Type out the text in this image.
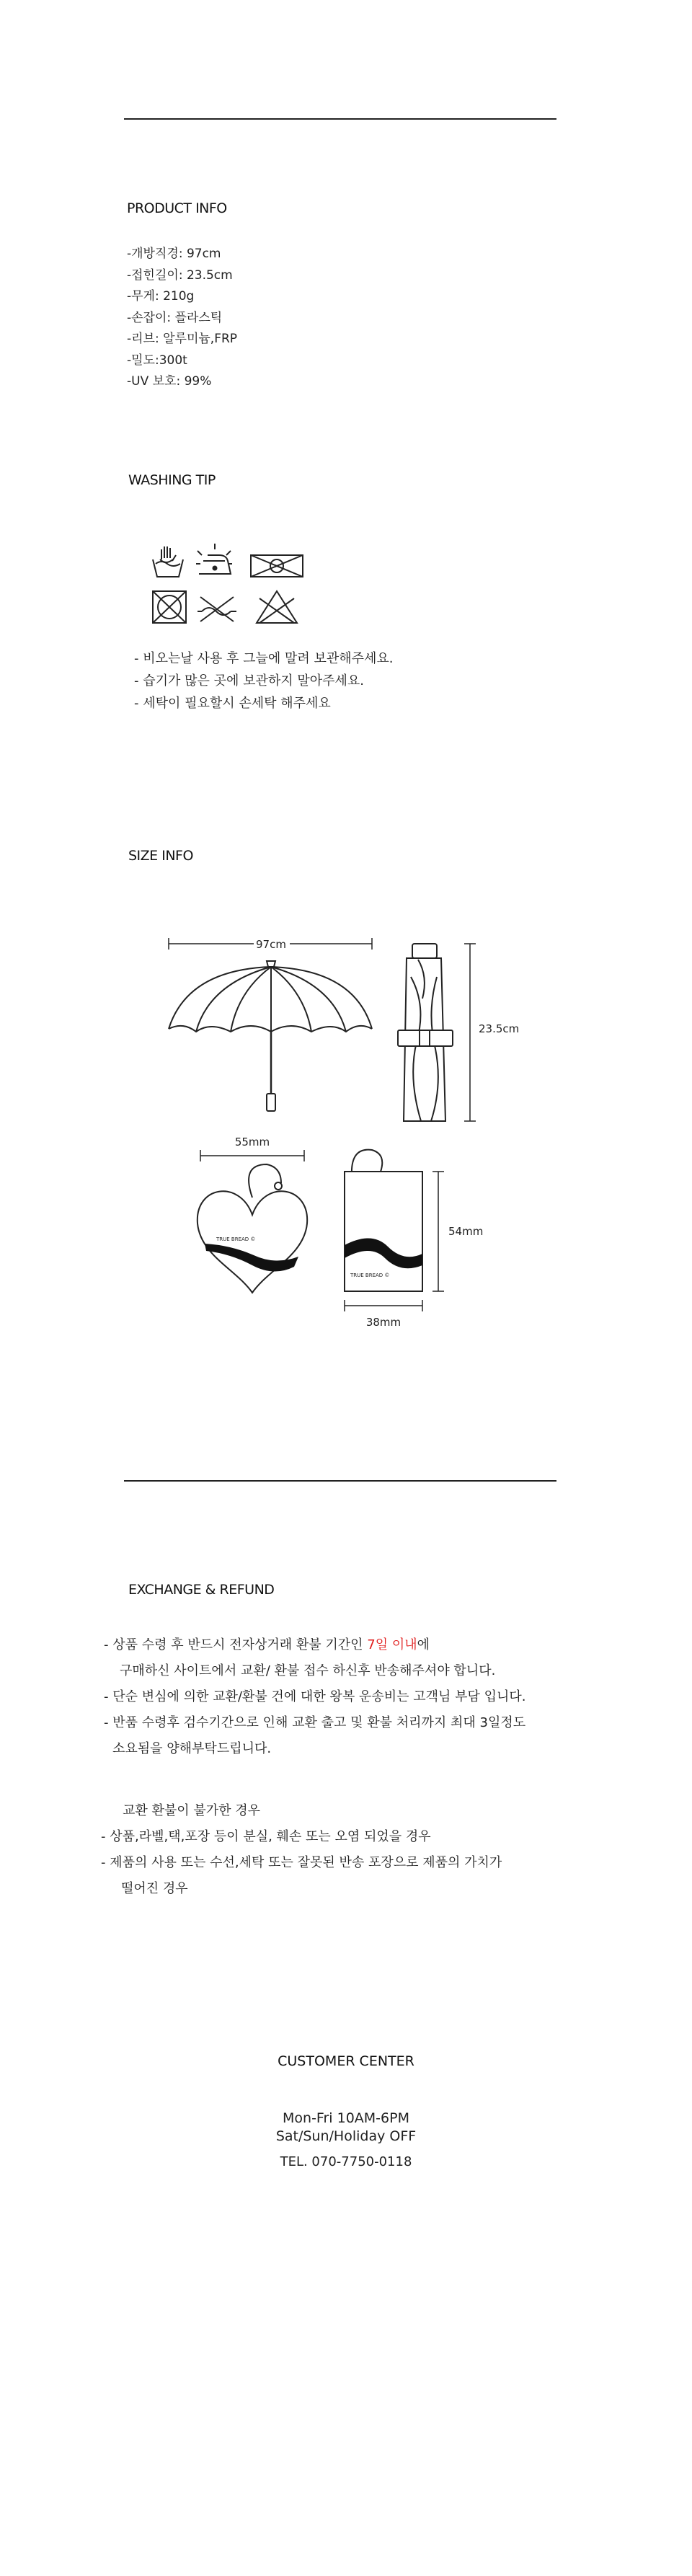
PRODUCT INFO
-개방직경: 97cm
-접힌길이: 23.5cm
-무게: 210g
-손잡이: 플라스틱
-리브: 알루미늄,FRP
-밀도:300t
-UV 보호: 99%
WASHING TIP
- 비오는날 사용 후 그늘에 말려 보관해주세요.
- 습기가 많은 곳에 보관하지 말아주세요.
- 세탁이 필요할시 손세탁 해주세요
SIZE INFO
97cm
23.5cm
55mm
TRUE BREAD ©
TRUE BREAD ©
54mm
38mm
EXCHANGE & REFUND
- 상품 수령 후 반드시 전자상거래 환불 기간인 7일 이내에
구매하신 사이트에서 교환/ 환불 접수 하신후 반송해주셔야 합니다.
- 단순 변심에 의한 교환/환불 건에 대한 왕복 운송비는 고객님 부담 입니다.
- 반품 수령후 검수기간으로 인해 교환 출고 및 환불 처리까지 최대 3일정도
소요됨을 양해부탁드립니다.
교환 환불이 불가한 경우
- 상품,라벨,택,포장 등이 분실, 훼손 또는 오염 되었을 경우
- 제품의 사용 또는 수선,세탁 또는 잘못된 반송 포장으로 제품의 가치가
떨어진 경우
CUSTOMER CENTER
Mon-Fri 10AM-6PM
Sat/Sun/Holiday OFF
TEL. 070-7750-0118
